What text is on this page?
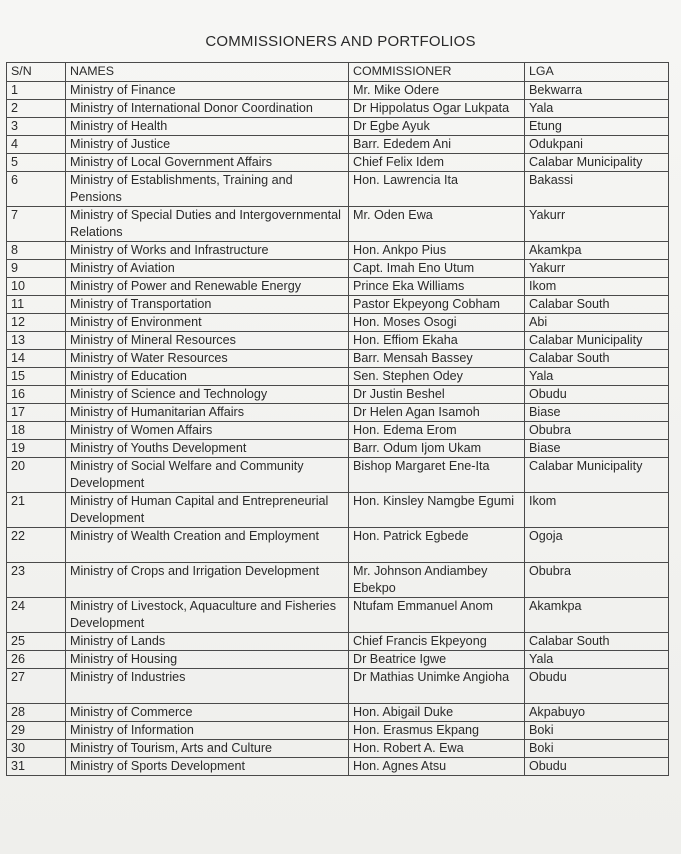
COMMISSIONERS AND PORTFOLIOS
S/N	NAMES	COMMISSIONER	LGA
1	Ministry of Finance	Mr. Mike Odere	Bekwarra
2	Ministry of International Donor Coordination	Dr Hippolatus Ogar Lukpata	Yala
3	Ministry of Health	Dr Egbe Ayuk	Etung
4	Ministry of Justice	Barr. Ededem Ani	Odukpani
5	Ministry of Local Government Affairs	Chief Felix Idem	Calabar Municipality
6	Ministry of Establishments, Training and Pensions	Hon. Lawrencia Ita	Bakassi
7	Ministry of Special Duties and Intergovernmental Relations	Mr. Oden Ewa	Yakurr
8	Ministry of Works and Infrastructure	Hon. Ankpo Pius	Akamkpa
9	Ministry of Aviation	Capt. Imah Eno Utum	Yakurr
10	Ministry of Power and Renewable Energy	Prince Eka Williams	Ikom
11	Ministry of Transportation	Pastor Ekpeyong Cobham	Calabar South
12	Ministry of Environment	Hon. Moses Osogi	Abi
13	Ministry of Mineral Resources	Hon. Effiom Ekaha	Calabar Municipality
14	Ministry of Water Resources	Barr. Mensah Bassey	Calabar South
15	Ministry of Education	Sen. Stephen Odey	Yala
16	Ministry of Science and Technology	Dr Justin Beshel	Obudu
17	Ministry of Humanitarian Affairs	Dr Helen Agan Isamoh	Biase
18	Ministry of Women Affairs	Hon. Edema Erom	Obubra
19	Ministry of Youths Development	Barr. Odum Ijom Ukam	Biase
20	Ministry of Social Welfare and Community Development	Bishop Margaret Ene-Ita	Calabar Municipality
21	Ministry of Human Capital and Entrepreneurial Development	Hon. Kinsley Namgbe Egumi	Ikom
22	Ministry of Wealth Creation and Employment	Hon. Patrick Egbede	Ogoja
23	Ministry of Crops and Irrigation Development	Mr. Johnson Andiambey Ebekpo	Obubra
24	Ministry of Livestock, Aquaculture and Fisheries Development	Ntufam Emmanuel Anom	Akamkpa
25	Ministry of Lands	Chief Francis Ekpeyong	Calabar South
26	Ministry of Housing	Dr Beatrice Igwe	Yala
27	Ministry of Industries	Dr Mathias Unimke Angioha	Obudu
28	Ministry of Commerce	Hon. Abigail Duke	Akpabuyo
29	Ministry of Information	Hon. Erasmus Ekpang	Boki
30	Ministry of Tourism, Arts and Culture	Hon. Robert A. Ewa	Boki
31	Ministry of Sports Development	Hon. Agnes Atsu	Obudu
